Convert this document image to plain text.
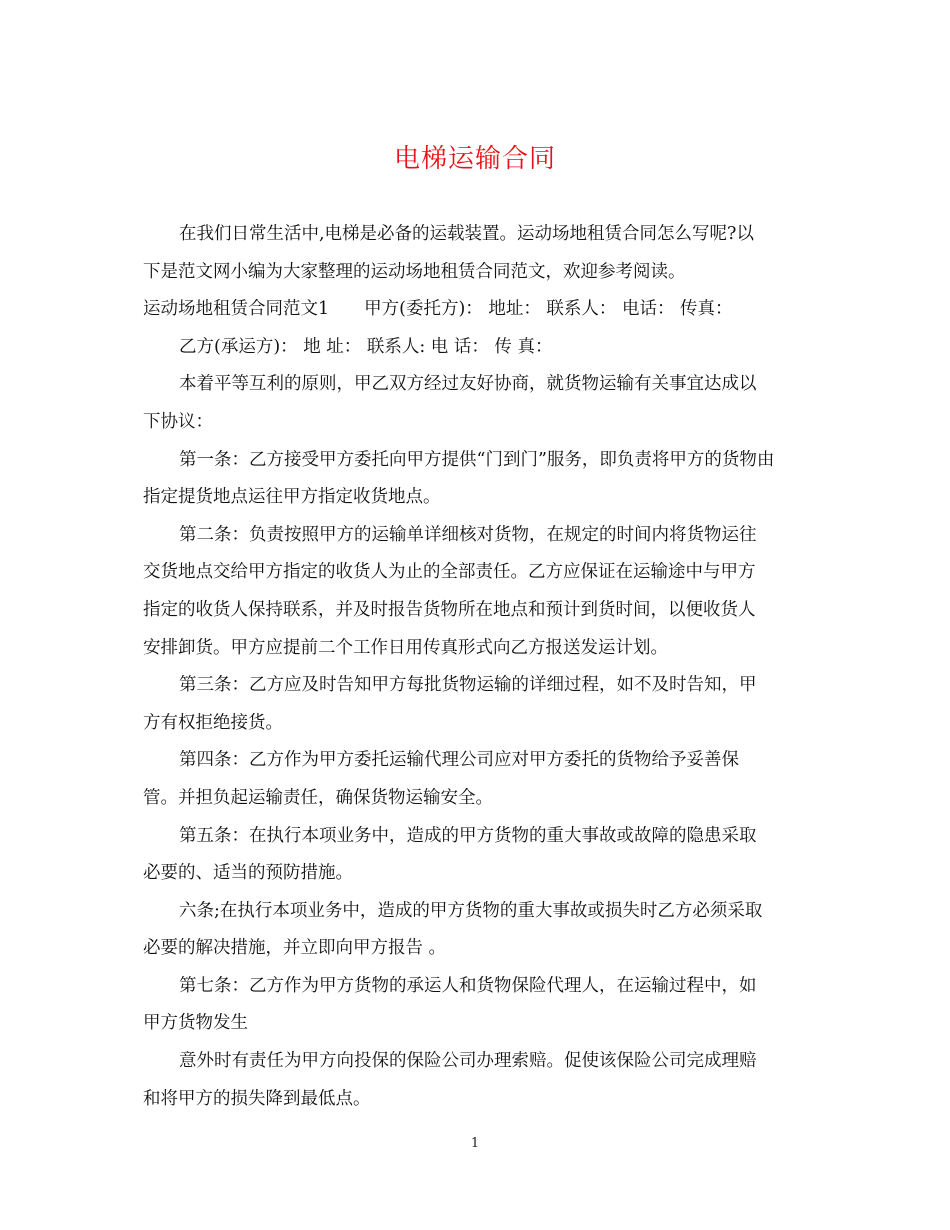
电梯运输合同
在我们日常生活中,电梯是必备的运载装置。运动场地租赁合同怎么写呢?以
下是范文网小编为大家整理的运动场地租赁合同范文，欢迎参考阅读。
运动场地租赁合同范文1　　甲方(委托方)： 地址： 联系人： 电话： 传真：
乙方(承运方)： 地 址： 联系人: 电 话： 传 真：
本着平等互利的原则，甲乙双方经过友好协商，就货物运输有关事宜达成以
下协议：
第一条：乙方接受甲方委托向甲方提供“门到门”服务，即负责将甲方的货物由
指定提货地点运往甲方指定收货地点。
第二条：负责按照甲方的运输单详细核对货物，在规定的时间内将货物运往
交货地点交给甲方指定的收货人为止的全部责任。乙方应保证在运输途中与甲方
指定的收货人保持联系，并及时报告货物所在地点和预计到货时间，以便收货人
安排卸货。甲方应提前二个工作日用传真形式向乙方报送发运计划。
第三条：乙方应及时告知甲方每批货物运输的详细过程，如不及时告知，甲
方有权拒绝接货。
第四条：乙方作为甲方委托运输代理公司应对甲方委托的货物给予妥善保
管。并担负起运输责任，确保货物运输安全。
第五条：在执行本项业务中，造成的甲方货物的重大事故或故障的隐患采取
必要的、适当的预防措施。
六条;在执行本项业务中，造成的甲方货物的重大事故或损失时乙方必须采取
必要的解决措施，并立即向甲方报告 。
第七条：乙方作为甲方货物的承运人和货物保险代理人，在运输过程中，如
甲方货物发生
意外时有责任为甲方向投保的保险公司办理索赔。促使该保险公司完成理赔
和将甲方的损失降到最低点。
1
